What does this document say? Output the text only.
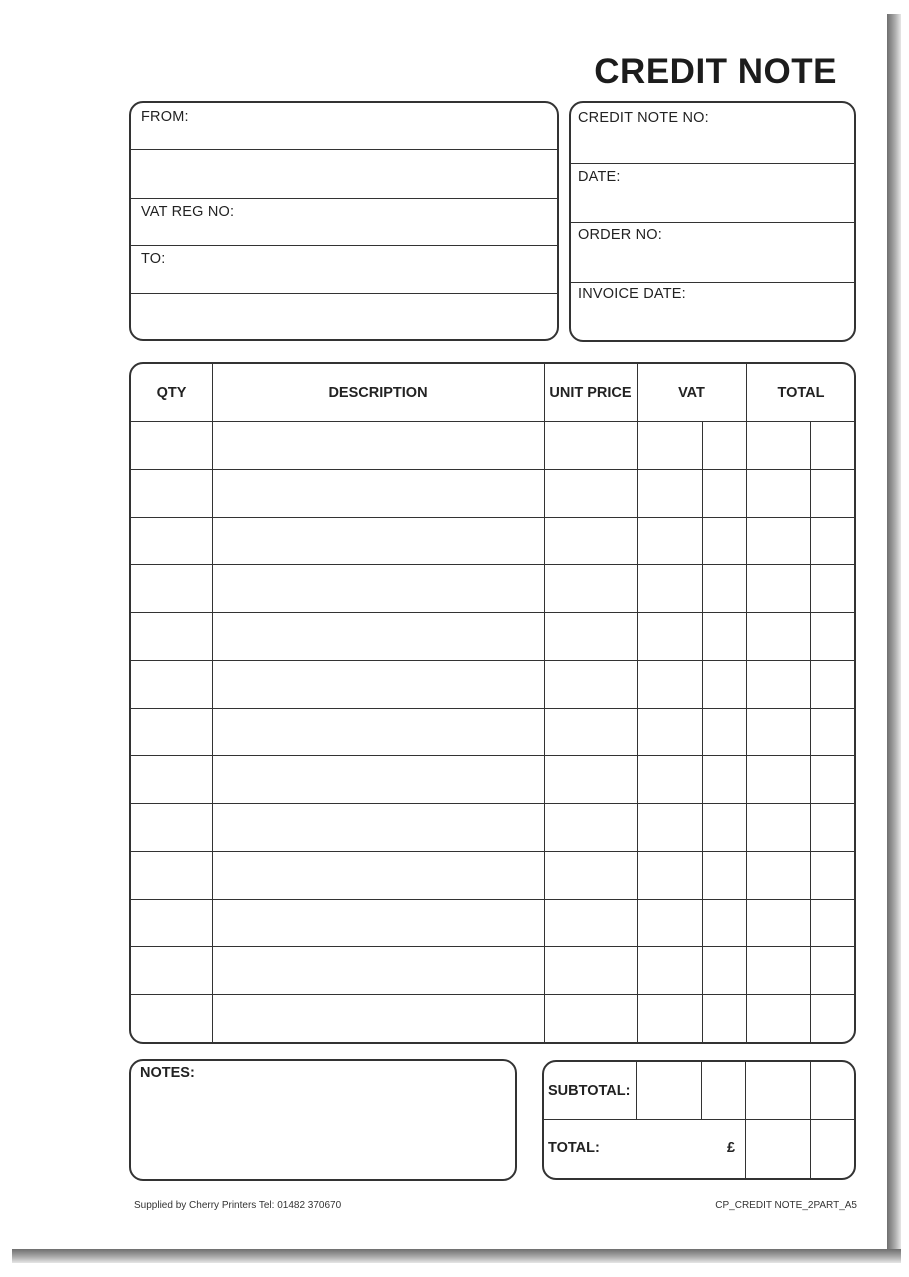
CREDIT NOTE
FROM:
VAT REG NO:
TO:
CREDIT NOTE NO:
DATE:
ORDER NO:
INVOICE DATE:
QTY	DESCRIPTION	UNIT PRICE	VAT	TOTAL
NOTES:
SUBTOTAL:
TOTAL:	£
Supplied by Cherry Printers Tel: 01482 370670	CP_CREDIT NOTE_2PART_A5
